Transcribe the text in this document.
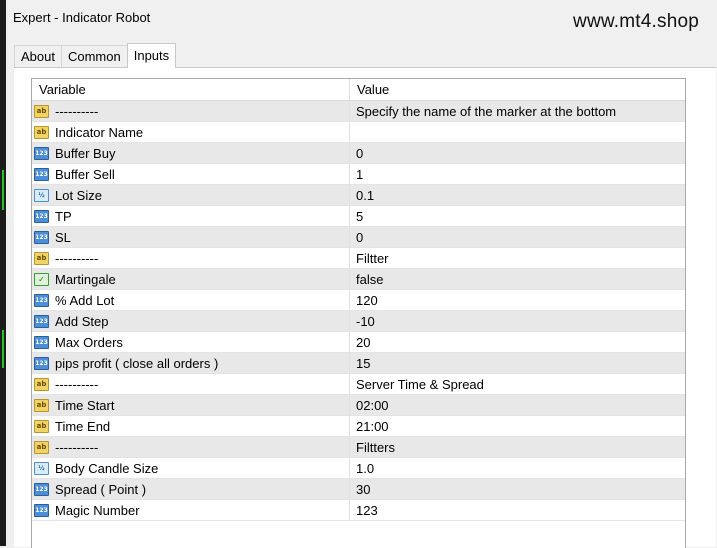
Expert - Indicator Robot	www.mt4.shop
About	Common	Inputs
Variable	Value
ab ----------	Specify the name of the marker at the bottom
ab Indicator Name
123 Buffer Buy	0
123 Buffer Sell	1
½ Lot Size	0.1
123 TP	5
123 SL	0
ab ----------	Filtter
✓ Martingale	false
123 % Add Lot	120
123 Add Step	-10
123 Max Orders	20
123 pips profit ( close all orders )	15
ab ----------	Server Time & Spread
ab Time Start	02:00
ab Time End	21:00
ab ----------	Filtters
½ Body Candle Size	1.0
123 Spread ( Point )	30
123 Magic Number	123
